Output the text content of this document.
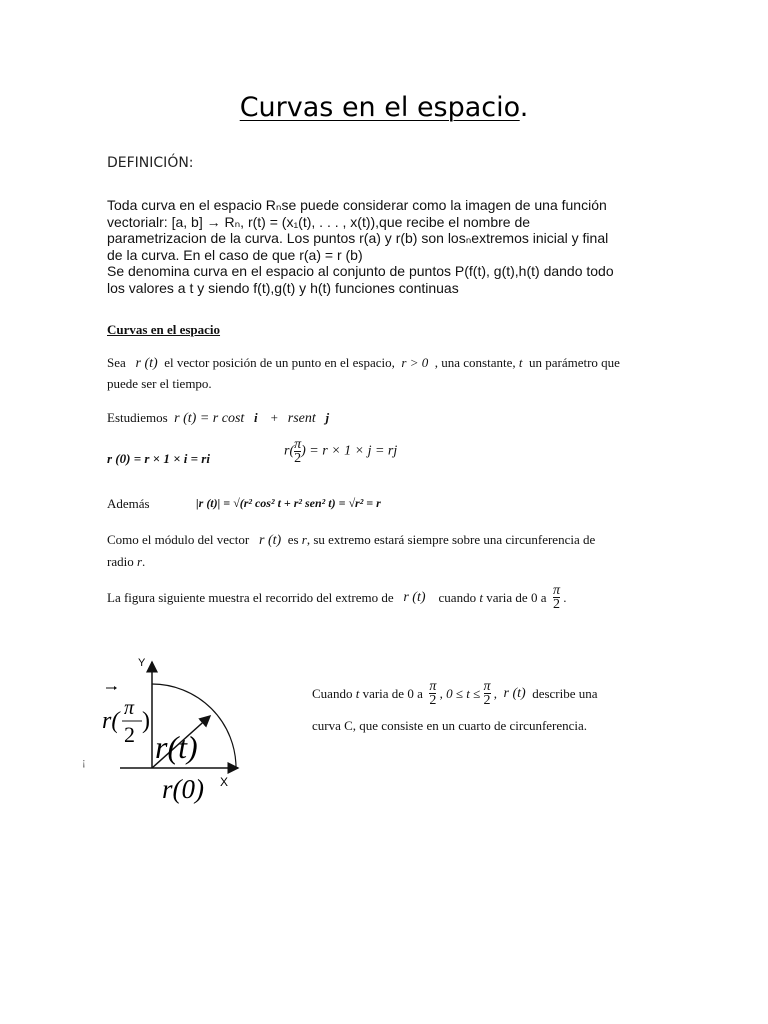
Curvas en el espacio.
DEFINICIÓN:
Toda curva en el espacio Rₙse puede considerar como la imagen de una función
vectorialr: [a, b] → Rₙ, r(t) = (x₁(t), . . . , x(t)),que recibe el nombre de
parametrizacion de la curva. Los puntos r(a) y r(b) son losₙextremos inicial y final
de la curva. En el caso de que r(a) = r (b)
Se denomina curva en el espacio al conjunto de puntos P(f(t), g(t),h(t) dando todo
los valores a t y siendo f(t),g(t) y h(t) funciones continuas
Curvas en el espacio
Sea r (t) el vector posición de un punto en el espacio, r > 0 , una constante, t un parámetro que
puede ser el tiempo.
Estudiemos r (t) = r cost i + rsent j
r (0) = r × 1 × i = ri	$r( \frac{\pi}{2}$ ) = r × 1 × j = rj
Además	|r (t)| = √(r² cos² t + r² sen² t) = √r² = r
Como el módulo del vector r (t) es r, su extremo estará siempre sobre una circunferencia de
radio r.
La figura siguiente muestra el recorrido del extremo de r (t) cuando t varia de 0 a $\frac{\pi}{2}$ .
Y
X
r( π
2
)
r(t)
r(0)
¡
Cuando t varia de 0 a $\frac{\pi}{2}$ , $0 \le t \le \frac{\pi}{2}$ , r (t) describe una
curva C, que consiste en un cuarto de circunferencia.
